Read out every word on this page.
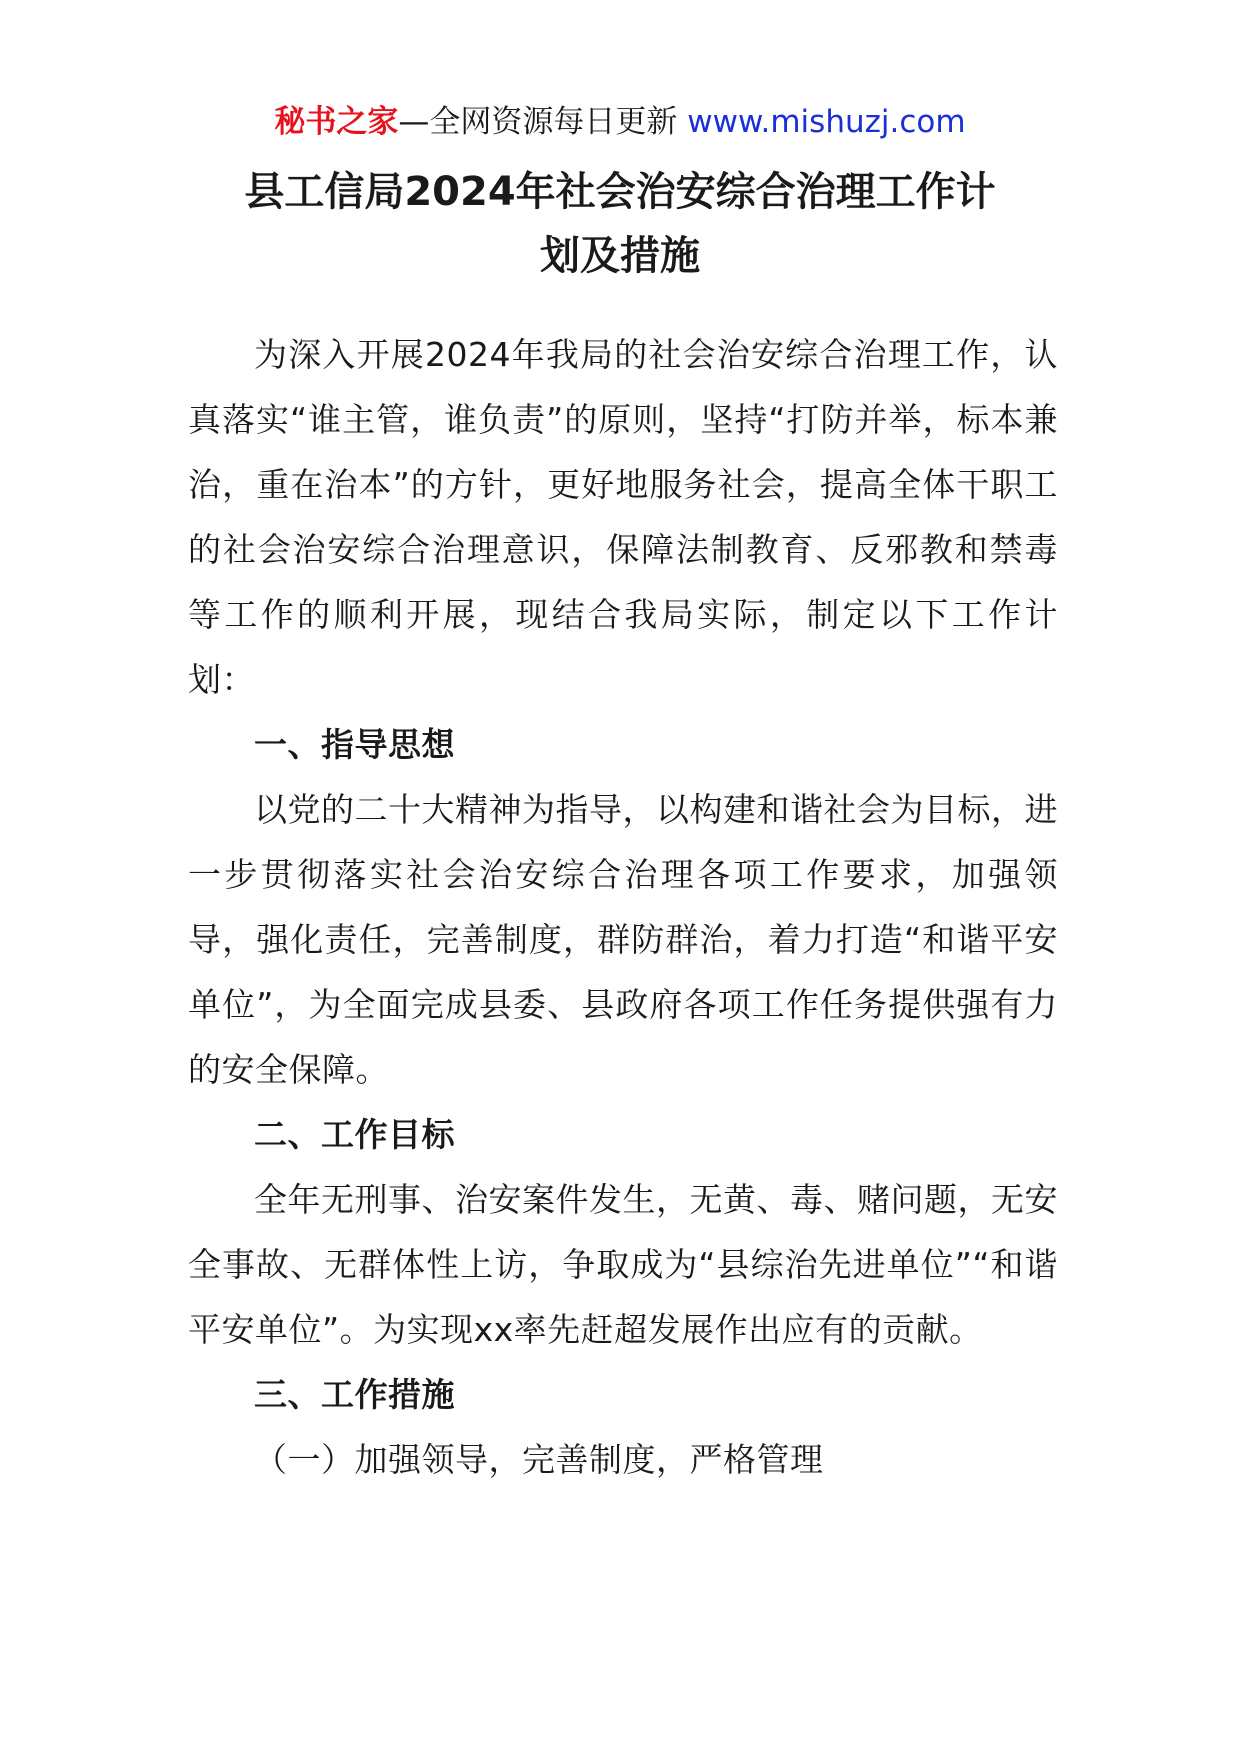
秘书之家—全网资源每日更新 www.mishuzj.com
县工信局2024年社会治安综合治理工作计划及措施

为深入开展2024年我局的社会治安综合治理工作，认真落实“谁主管，谁负责”的原则，坚持“打防并举，标本兼治，重在治本”的方针，更好地服务社会，提高全体干职工的社会治安综合治理意识，保障法制教育、反邪教和禁毒等工作的顺利开展，现结合我局实际，制定以下工作计划：

一、指导思想

以党的二十大精神为指导，以构建和谐社会为目标，进一步贯彻落实社会治安综合治理各项工作要求，加强领导，强化责任，完善制度，群防群治，着力打造“和谐平安单位”，为全面完成县委、县政府各项工作任务提供强有力的安全保障。

二、工作目标

全年无刑事、治安案件发生，无黄、毒、赌问题，无安全事故、无群体性上访，争取成为“县综治先进单位”“和谐平安单位”。为实现xx率先赶超发展作出应有的贡献。

三、工作措施
（一）加强领导，完善制度，严格管理
